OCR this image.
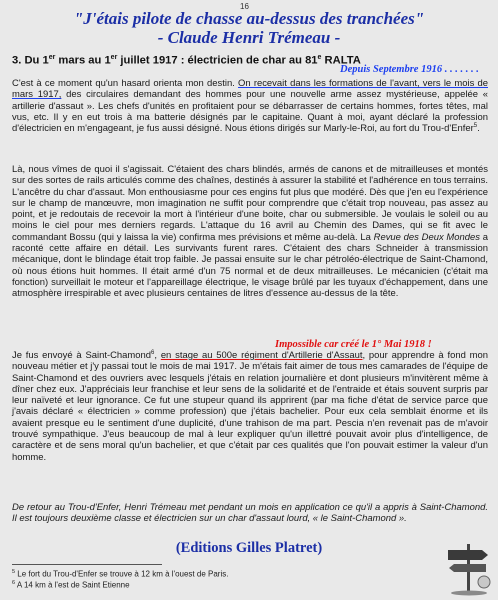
16
"J'étais pilote de chasse au-dessus des tranchées"
- Claude Henri Trémeau -
3. Du 1er mars au 1er juillet 1917 : électricien de char au 81e RALTA
Depuis Septembre 1916 . . . . . . .
C'est à ce moment qu'un hasard orienta mon destin. On recevait dans les formations de l'avant, vers le mois de mars 1917, des circulaires demandant des hommes pour une nouvelle arme assez mystérieuse, appelée « artillerie d'assaut ». Les chefs d'unités en profitaient pour se débarrasser de certains hommes, fortes têtes, mal vus, etc. Il y en eut trois à ma batterie désignés par le capitaine. Quant à moi, ayant déclaré la profession d'électricien en m'engageant, je fus aussi désigné. Nous étions dirigés sur Marly-le-Roi, au fort du Trou-d'Enfer$^5$.
Là, nous vîmes de quoi il s'agissait. C'étaient des chars blindés, armés de canons et de mitrailleuses et montés sur des sortes de rails articulés comme des chaînes, destinés à assurer la stabilité et l'adhérence en tous terrains. L'ancêtre du char d'assaut. Mon enthousiasme pour ces engins fut plus que modéré. Dès que j'en eu l'expérience sur le champ de manœuvre, mon imagination ne suffit pour comprendre que c'était trop nouveau, pas assez au point, et je redoutais de recevoir la mort à l'intérieur d'une boite, char ou submersible. Je voulais le soleil ou au moins le ciel pour mes derniers regards. L'attaque du 16 avril au Chemin des Dames, qui se fit avec le commandant Bossu (qui y laissa la vie) confirma mes prévisions et même au-delà. La Revue des Deux Mondes a raconté cette affaire en détail. Les survivants furent rares. C'étaient des chars Schneider à transmission mécanique, dont le blindage était trop faible. Je passai ensuite sur le char pétroléo-électrique de Saint-Chamond, où nous étions huit hommes. Il était armé d'un 75 normal et de deux mitrailleuses. Le mécanicien (c'était ma fonction) surveillait le moteur et l'appareillage électrique, le visage brûlé par les tuyaux d'échappement, dans une atmosphère irrespirable et avec plusieurs centaines de litres d'essence au-dessus de la tête.
Impossible car créé le 1° Mai 1918 !
Je fus envoyé à Saint-Chamond$^6$, en stage au 500e régiment d'Artillerie d'Assaut, pour apprendre à fond mon nouveau métier et j'y passai tout le mois de mai 1917. Je m'étais fait aimer de tous mes camarades de l'équipe de Saint-Chamond et des ouvriers avec lesquels j'étais en relation journalière et dont plusieurs m'invitèrent même à dîner chez eux. J'appréciais leur franchise et leur sens de la solidarité et de l'entraide et étais souvent surpris par leur naïveté et leur ignorance. Ce fut une stupeur quand ils apprirent (par ma fiche d'état de service parce que j'avais déclaré « électricien » comme profession) que j'étais bachelier. Pour eux cela semblait énorme et ils avaient presque eu le sentiment d'une duplicité, d'une trahison de ma part. Pescia n'en revenait pas de m'avoir trouvé sympathique. J'eus beaucoup de mal à leur expliquer qu'un illettré pouvait avoir plus d'intelligence, de caractère et de sens moral qu'un bachelier, et que c'était par ces qualités que l'on pouvait estimer la valeur d'un homme.
De retour au Trou-d'Enfer, Henri Trémeau met pendant un mois en application ce qu'il a appris à Saint-Chamond. Il est toujours deuxième classe et électricien sur un char d'assaut lourd, « le Saint-Chamond ».
(Editions Gilles Platret)
$^5$ Le fort du Trou-d'Enfer se trouve à 12 km à l'ouest de Paris.
$^6$ A 14 km à l'est de Saint Etienne
